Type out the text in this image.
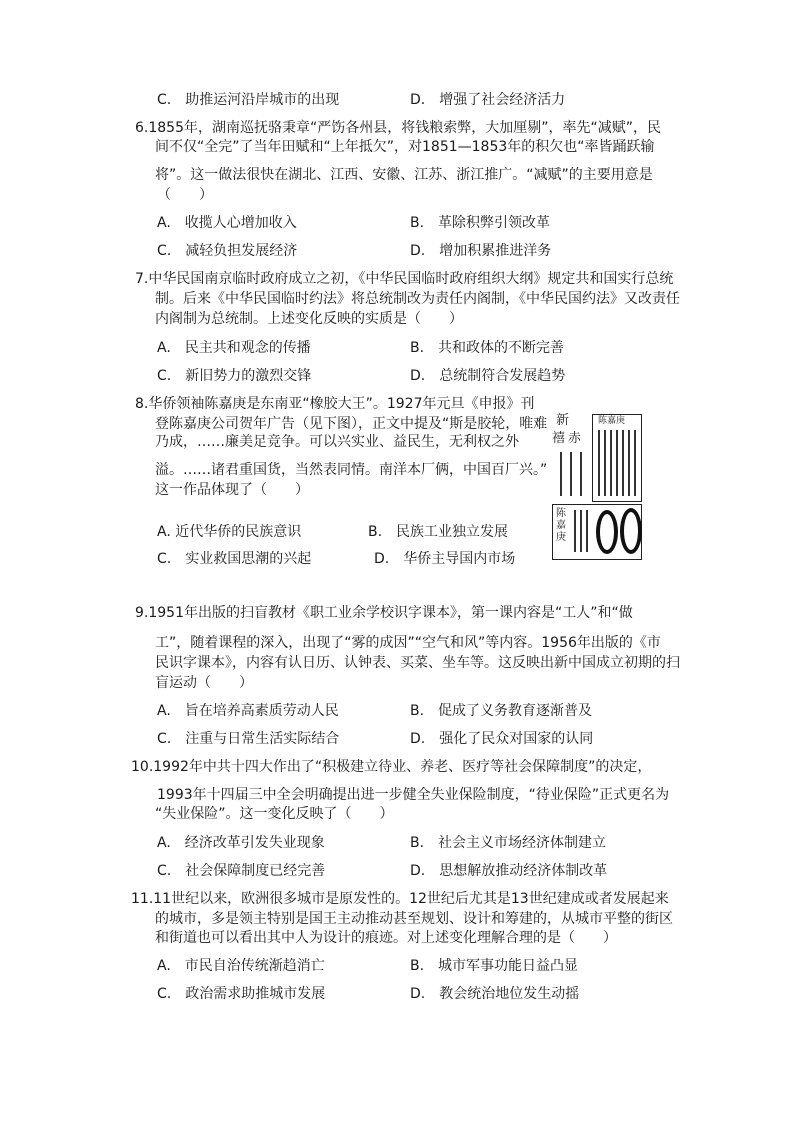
C.　助推运河沿岸城市的出现	D.　增强了社会经济活力
6.1855年，湖南巡抚骆秉章“严饬各州县，将钱粮索弊，大加厘剔”，率先“减赋”，民
间不仅“全完”了当年田赋和“上年抵欠”，对1851—1853年的积欠也“率皆踊跃输
将”。这一做法很快在湖北、江西、安徽、江苏、浙江推广。“减赋”的主要用意是
（　　）
A.　收揽人心增加收入	B.　革除积弊引领改革
C.　减轻负担发展经济	D.　增加积累推进洋务
7.中华民国南京临时政府成立之初，《中华民国临时政府组织大纲》规定共和国实行总统
制。后来《中华民国临时约法》将总统制改为责任内阁制，《中华民国约法》又改责任
内阁制为总统制。上述变化反映的实质是（　　）
A.　民主共和观念的传播	B.　共和政体的不断完善
C.　新旧势力的激烈交锋	D.　总统制符合发展趋势
8.华侨领袖陈嘉庚是东南亚“橡胶大王”。1927年元旦《申报》刊
登陈嘉庚公司贺年广告（见下图），正文中提及“斯是胶轮，唯难
乃成，……廉美足竞争。可以兴实业、益民生，无利权之外
溢。……诸君重国货，当然表同情。南洋本厂俩，中国百厂兴。”
这一作品体现了（　　）
A. 近代华侨的民族意识	B.　民族工业独立发展
C.　实业救国思潮的兴起	D.　华侨主导国内市场
新
禧 赤
陈嘉庚
陈嘉庚
9.1951年出版的扫盲教材《职工业余学校识字课本》，第一课内容是“工人”和“做
工”，随着课程的深入，出现了“雾的成因”“空气和风”等内容。1956年出版的《市
民识字课本》，内容有认日历、认钟表、买菜、坐车等。这反映出新中国成立初期的扫
盲运动（　　）
A.　旨在培养高素质劳动人民	B.　促成了义务教育逐渐普及
C.　注重与日常生活实际结合	D.　强化了民众对国家的认同
10.1992年中共十四大作出了“积极建立待业、养老、医疗等社会保障制度”的决定，
1993年十四届三中全会明确提出进一步健全失业保险制度，“待业保险”正式更名为
“失业保险”。这一变化反映了（　　）
A.　经济改革引发失业现象	B.　社会主义市场经济体制建立
C.　社会保障制度已经完善	D.　思想解放推动经济体制改革
11.11世纪以来，欧洲很多城市是原发性的。12世纪后尤其是13世纪建成或者发展起来
的城市，多是领主特别是国王主动推动甚至规划、设计和筹建的，从城市平整的街区
和街道也可以看出其中人为设计的痕迹。对上述变化理解合理的是（　　）
A.　市民自治传统渐趋消亡	B.　城市军事功能日益凸显
C.　政治需求助推城市发展	D.　教会统治地位发生动摇
